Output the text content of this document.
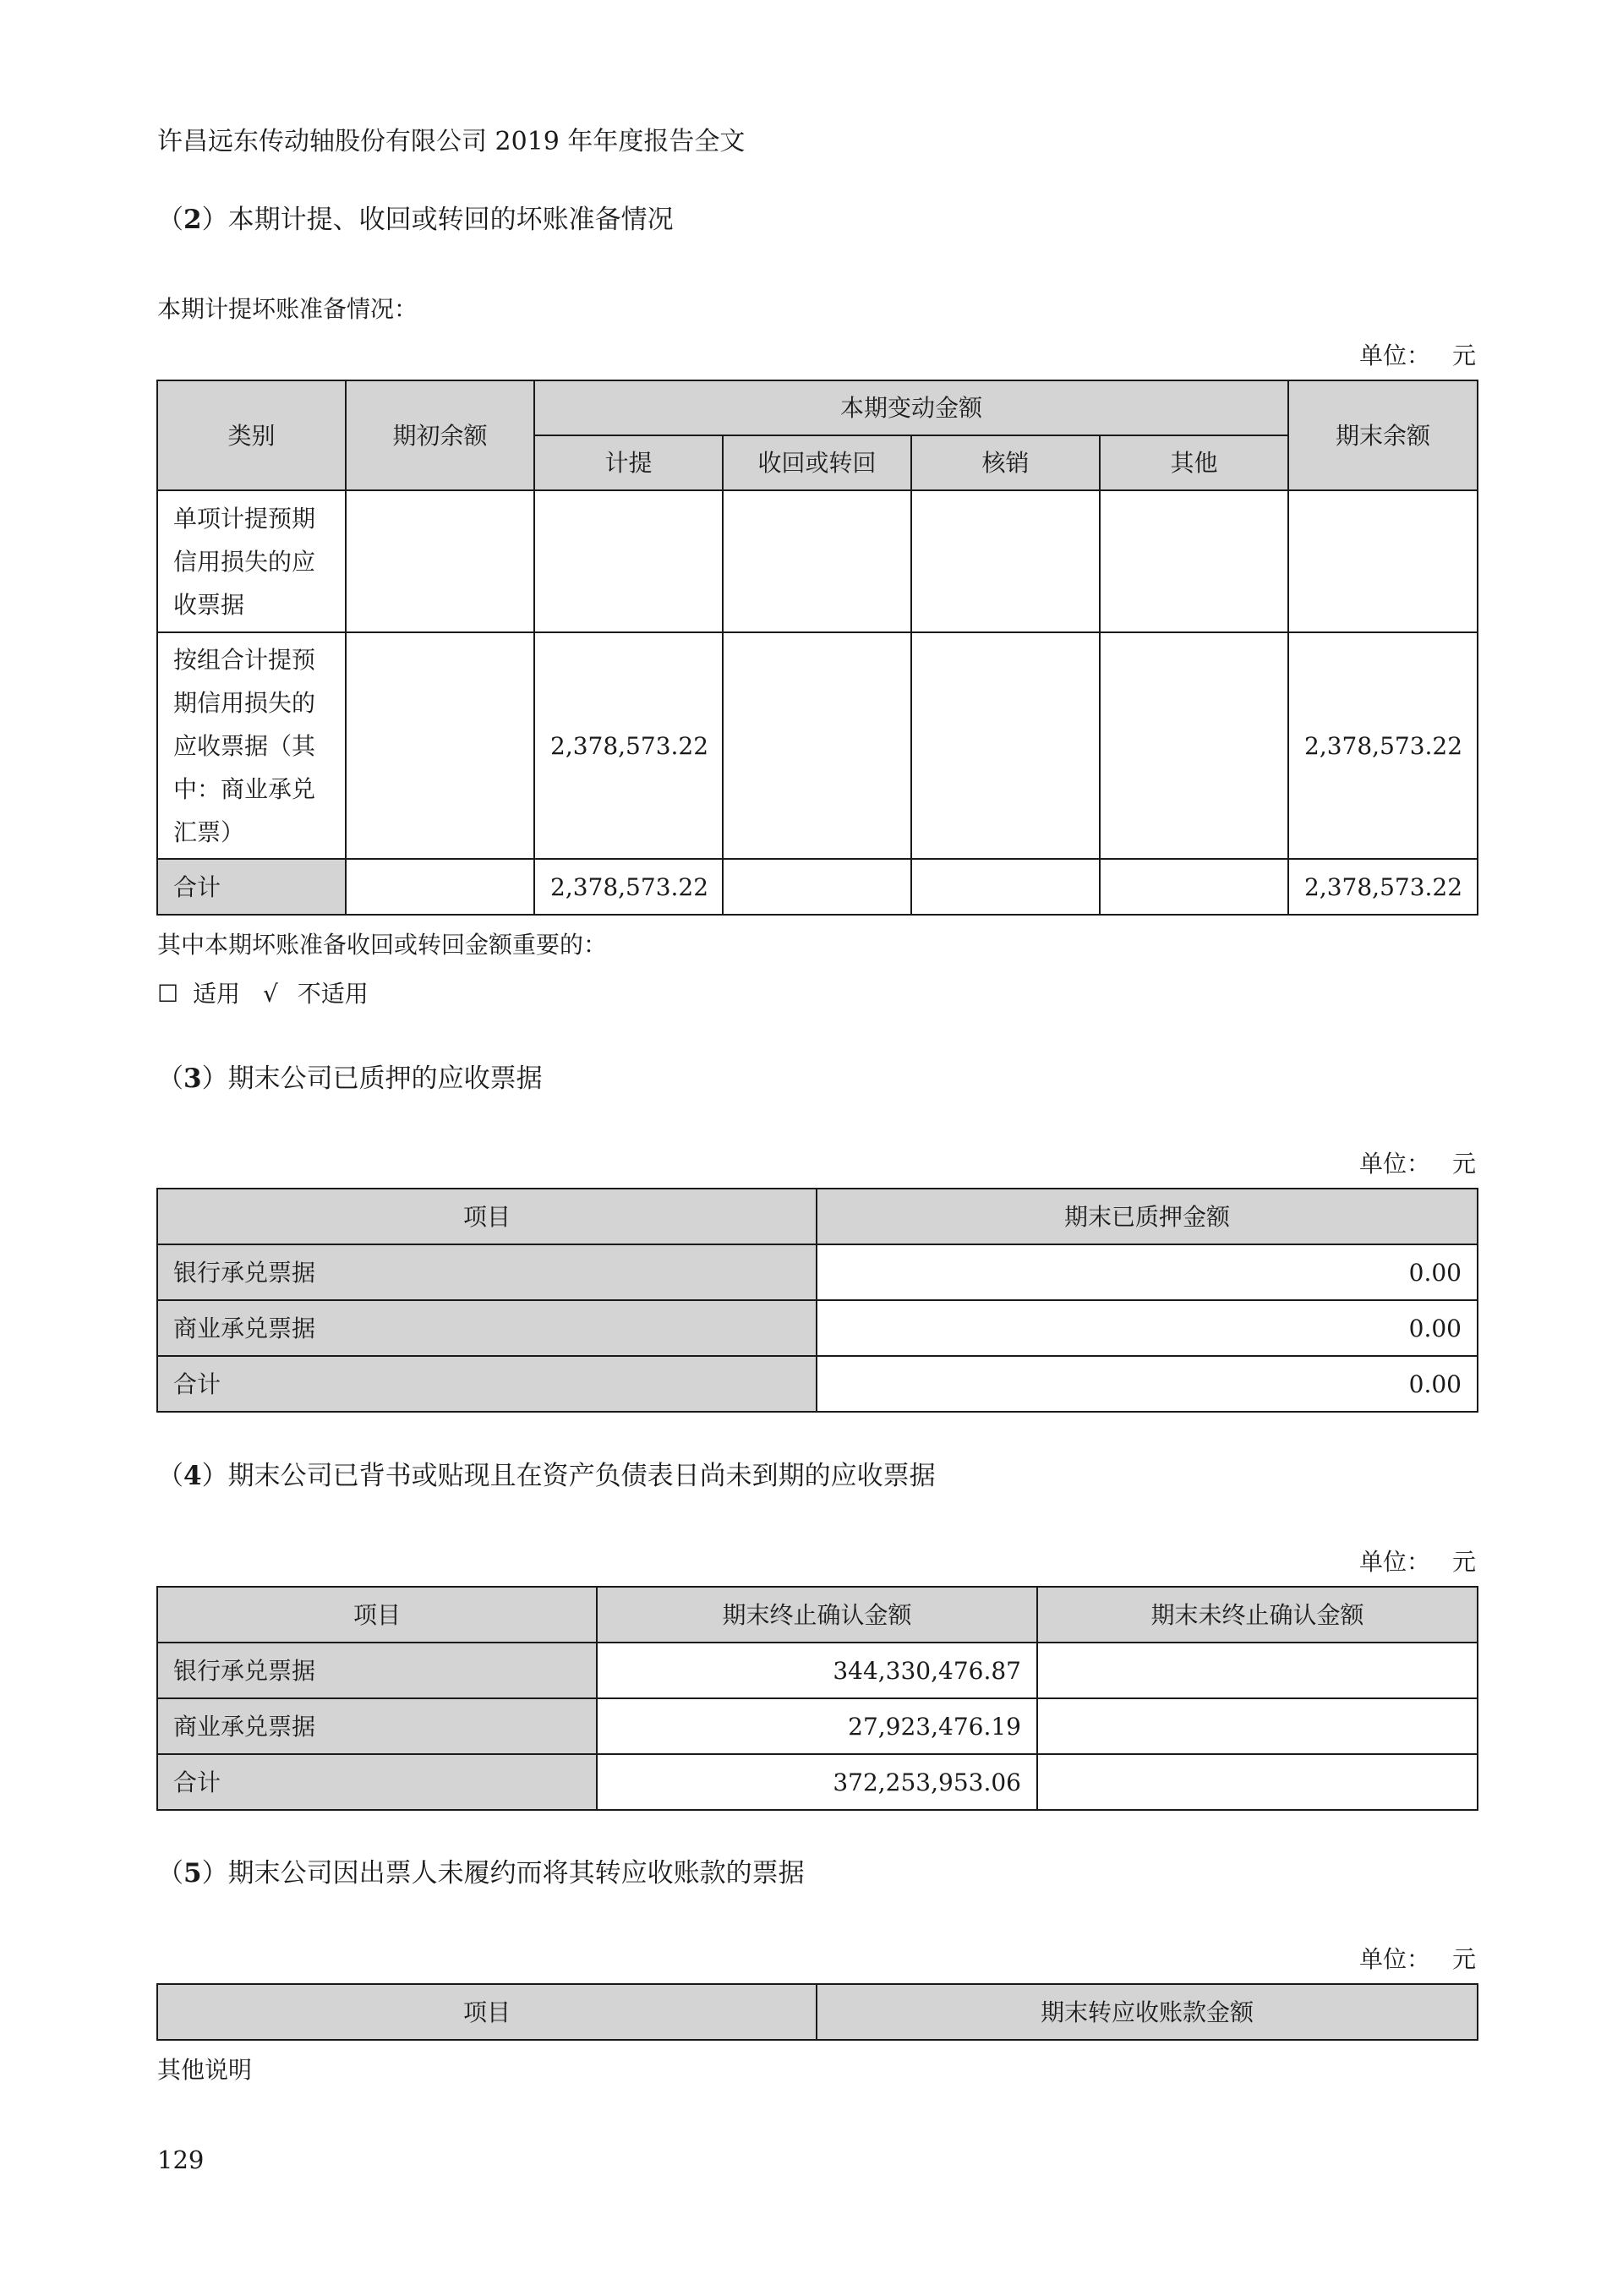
许昌远东传动轴股份有限公司 2019 年年度报告全文
（2）本期计提、收回或转回的坏账准备情况
本期计提坏账准备情况：
单位： 元
类别	期初余额	本期变动金额				期末余额
		计提	收回或转回	核销	其他	
单项计提预期信用损失的应收票据						
按组合计提预期信用损失的应收票据（其中：商业承兑汇票）		2,378,573.22				2,378,573.22
合计		2,378,573.22				2,378,573.22
其中本期坏账准备收回或转回金额重要的：
☐ 适用 √ 不适用
（3）期末公司已质押的应收票据
单位： 元
项目	期末已质押金额
银行承兑票据	0.00
商业承兑票据	0.00
合计	0.00
（4）期末公司已背书或贴现且在资产负债表日尚未到期的应收票据
单位： 元
项目	期末终止确认金额	期末未终止确认金额
银行承兑票据	344,330,476.87	
商业承兑票据	27,923,476.19	
合计	372,253,953.06	
（5）期末公司因出票人未履约而将其转应收账款的票据
单位： 元
项目	期末转应收账款金额
其他说明
129
